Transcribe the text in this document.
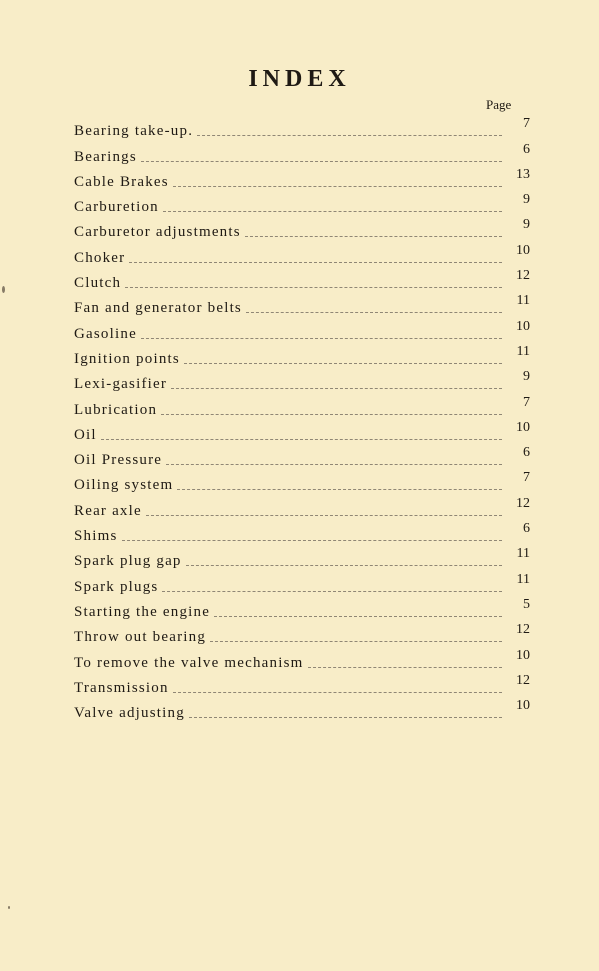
INDEX
Page
Bearing take-up.	7
Bearings	6
Cable Brakes	13
Carburetion	9
Carburetor adjustments	9
Choker	10
Clutch	12
Fan and generator belts	11
Gasoline	10
Ignition points	11
Lexi-gasifier	9
Lubrication	7
Oil	10
Oil Pressure	6
Oiling system	7
Rear axle	12
Shims	6
Spark plug gap	11
Spark plugs	11
Starting the engine	5
Throw out bearing	12
To remove the valve mechanism	10
Transmission	12
Valve adjusting	10
